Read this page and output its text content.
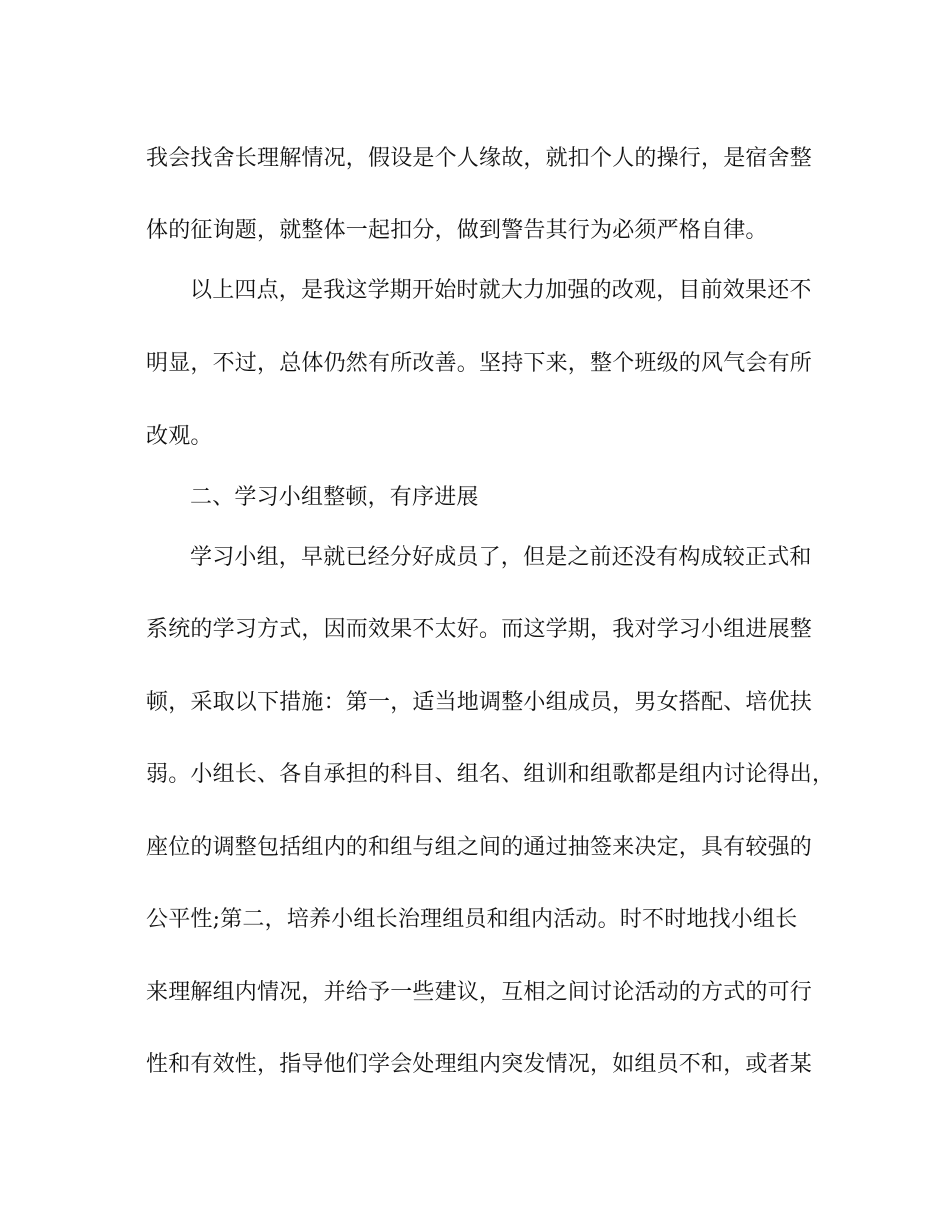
我会找舍长理解情况，假设是个人缘故，就扣个人的操行，是宿舍整
体的征询题，就整体一起扣分，做到警告其行为必须严格自律。
以上四点，是我这学期开始时就大力加强的改观，目前效果还不
明显，不过，总体仍然有所改善。坚持下来，整个班级的风气会有所
改观。
二、学习小组整顿，有序进展
学习小组，早就已经分好成员了，但是之前还没有构成较正式和
系统的学习方式，因而效果不太好。而这学期，我对学习小组进展整
顿，采取以下措施：第一，适当地调整小组成员，男女搭配、培优扶
弱。小组长、各自承担的科目、组名、组训和组歌都是组内讨论得出，
座位的调整包括组内的和组与组之间的通过抽签来决定，具有较强的
公平性;第二，培养小组长治理组员和组内活动。时不时地找小组长
来理解组内情况，并给予一些建议，互相之间讨论活动的方式的可行
性和有效性，指导他们学会处理组内突发情况，如组员不和，或者某
